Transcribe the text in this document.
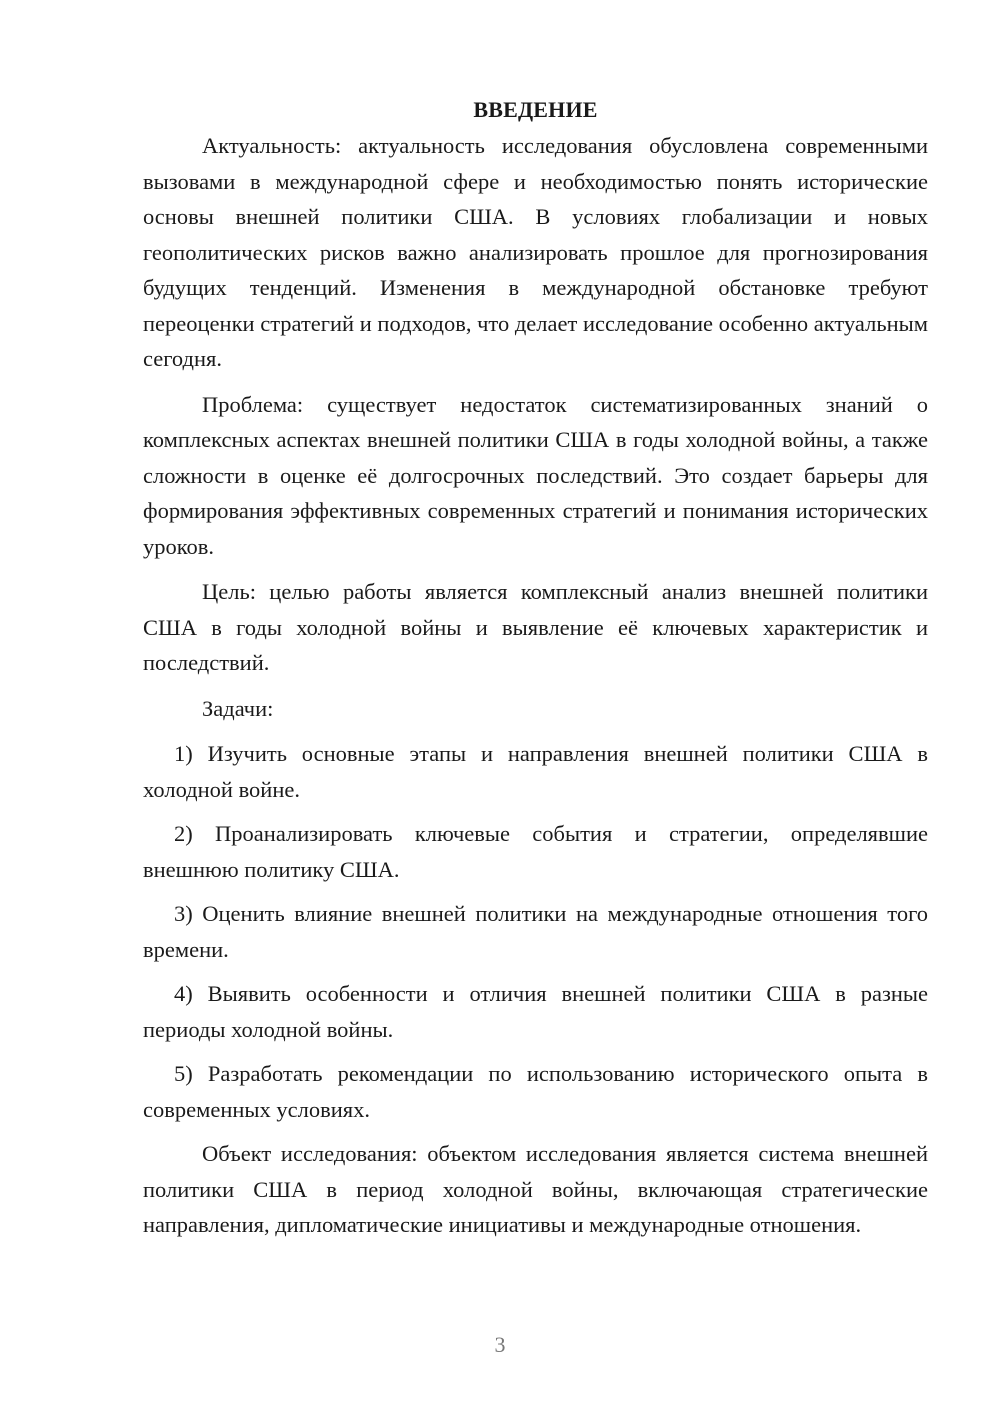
ВВЕДЕНИЕ

Актуальность: актуальность исследования обусловлена современными вызовами в международной сфере и необходимостью понять исторические основы внешней политики США. В условиях глобализации и новых геополитических рисков важно анализировать прошлое для прогнозирования будущих тенденций. Изменения в международной обстановке требуют переоценки стратегий и подходов, что делает исследование особенно актуальным сегодня.

Проблема: существует недостаток систематизированных знаний о комплексных аспектах внешней политики США в годы холодной войны, а также сложности в оценке её долгосрочных последствий. Это создает барьеры для формирования эффективных современных стратегий и понимания исторических уроков.

Цель: целью работы является комплексный анализ внешней политики США в годы холодной войны и выявление её ключевых характеристик и последствий.

Задачи:

1) Изучить основные этапы и направления внешней политики США в холодной войне.

2) Проанализировать ключевые события и стратегии, определявшие внешнюю политику США.

3) Оценить влияние внешней политики на международные отношения того времени.

4) Выявить особенности и отличия внешней политики США в разные периоды холодной войны.

5) Разработать рекомендации по использованию исторического опыта в современных условиях.

Объект исследования: объектом исследования является система внешней политики США в период холодной войны, включающая стратегические направления, дипломатические инициативы и международные отношения.

3
